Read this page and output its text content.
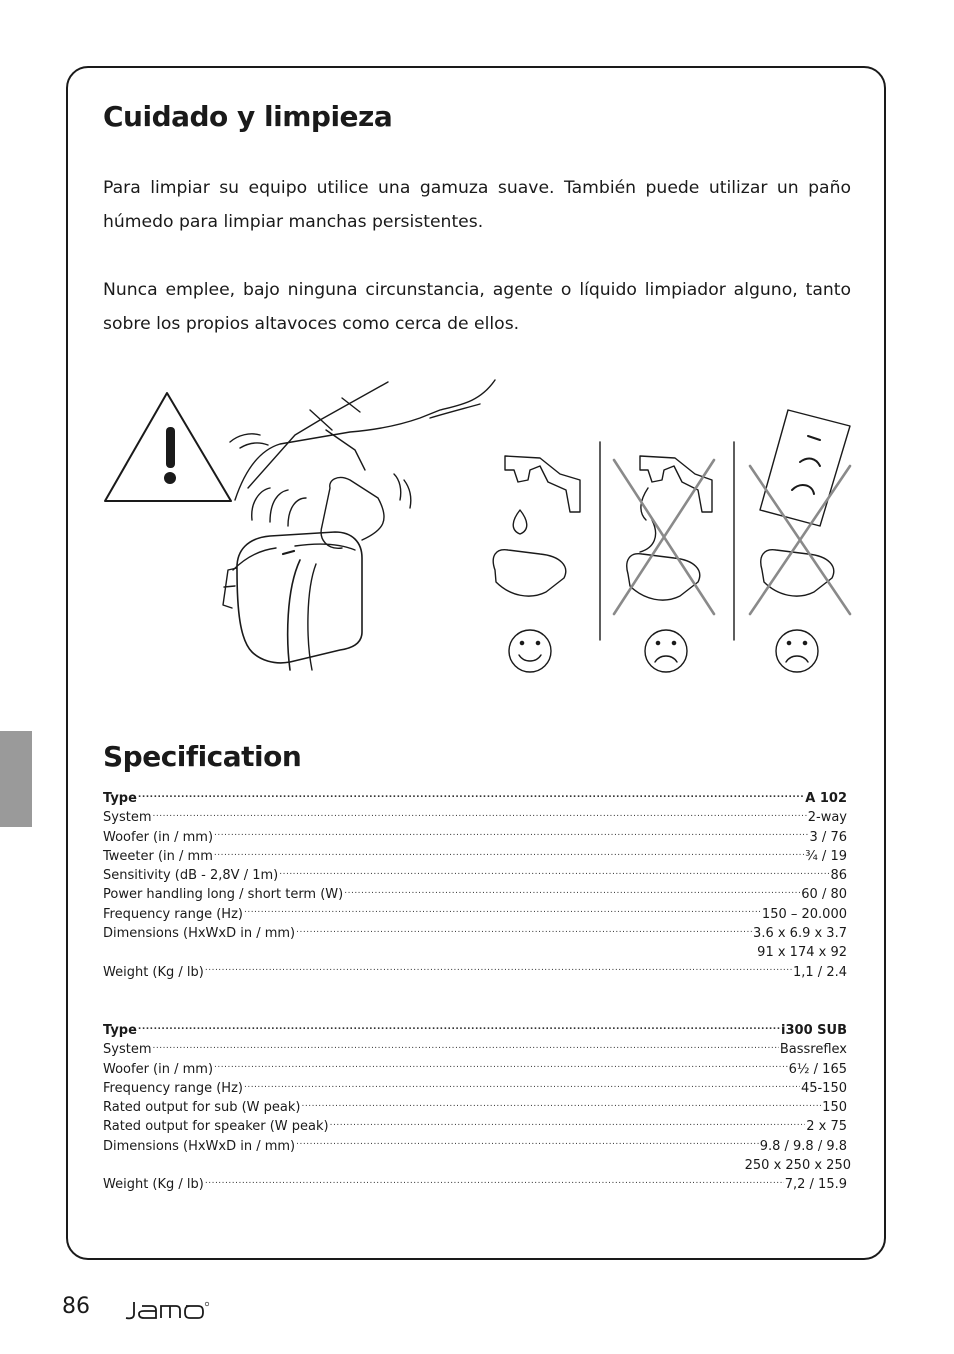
Cuidado y limpieza

Para limpiar su equipo utilice una gamuza suave. También puede utilizar un paño húmedo para limpiar manchas persistentes.

Nunca emplee, bajo ninguna circunstancia, agente o líquido limpiador alguno, tanto sobre los propios altavoces como cerca de ellos.

Specification
Type .....	A 102
System .....	2-way
Woofer (in / mm) .....	3 / 76
Tweeter (in / mm .....	¾ / 19
Sensitivity (dB - 2,8V / 1m) .....	86
Power handling long / short term (W) .....	60 / 80
Frequency range (Hz) .....	150 – 20.000
Dimensions (HxWxD in / mm) .....	3.6 x 6.9 x 3.7
91 x 174 x 92
Weight (Kg / lb) .....	1,1 / 2.4
Type .....	i300 SUB
System .....	Bassreflex
Woofer (in / mm) .....	6½ / 165
Frequency range (Hz) .....	45-150
Rated output for sub (W peak) .....	150
Rated output for speaker (W peak) .....	2 x 75
Dimensions (HxWxD in / mm) .....	9.8 / 9.8 / 9.8
250 x 250 x 250
Weight (Kg / lb) .....	7,2 / 15.9

86
